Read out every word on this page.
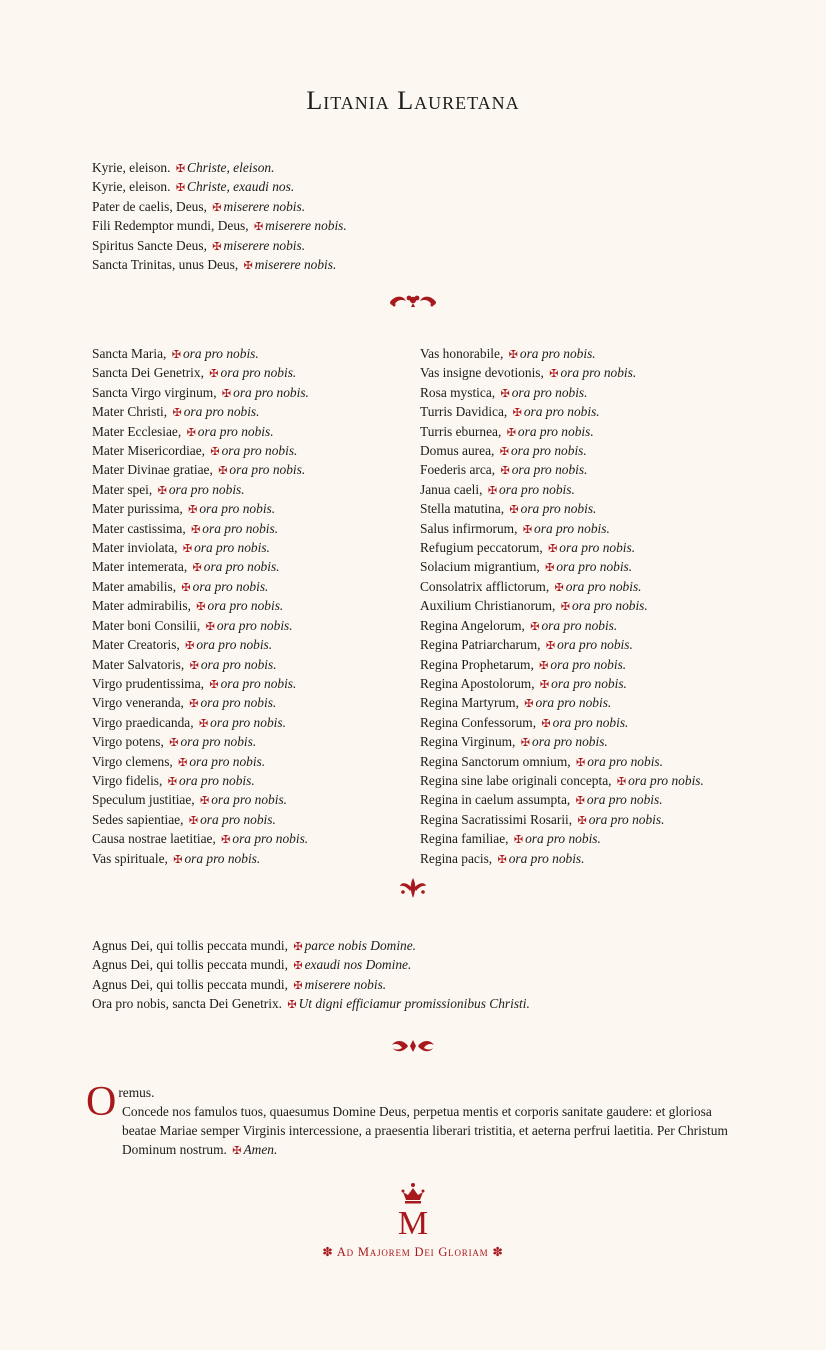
Litania Lauretana
Kyrie, eleison. ✠ Christe, eleison.
Kyrie, eleison. ✠ Christe, exaudi nos.
Pater de caelis, Deus, ✠ miserere nobis.
Fili Redemptor mundi, Deus, ✠ miserere nobis.
Spiritus Sancte Deus, ✠ miserere nobis.
Sancta Trinitas, unus Deus, ✠ miserere nobis.
Sancta Maria, ✠ ora pro nobis.
Sancta Dei Genetrix, ✠ ora pro nobis.
Sancta Virgo virginum, ✠ ora pro nobis.
Mater Christi, ✠ ora pro nobis.
Mater Ecclesiae, ✠ ora pro nobis.
Mater Misericordiae, ✠ ora pro nobis.
Mater Divinae gratiae, ✠ ora pro nobis.
Mater spei, ✠ ora pro nobis.
Mater purissima, ✠ ora pro nobis.
Mater castissima, ✠ ora pro nobis.
Mater inviolata, ✠ ora pro nobis.
Mater intemerata, ✠ ora pro nobis.
Mater amabilis, ✠ ora pro nobis.
Mater admirabilis, ✠ ora pro nobis.
Mater boni Consilii, ✠ ora pro nobis.
Mater Creatoris, ✠ ora pro nobis.
Mater Salvatoris, ✠ ora pro nobis.
Virgo prudentissima, ✠ ora pro nobis.
Virgo veneranda, ✠ ora pro nobis.
Virgo praedicanda, ✠ ora pro nobis.
Virgo potens, ✠ ora pro nobis.
Virgo clemens, ✠ ora pro nobis.
Virgo fidelis, ✠ ora pro nobis.
Speculum justitiae, ✠ ora pro nobis.
Sedes sapientiae, ✠ ora pro nobis.
Causa nostrae laetitiae, ✠ ora pro nobis.
Vas spirituale, ✠ ora pro nobis.
Vas honorabile, ✠ ora pro nobis.
Vas insigne devotionis, ✠ ora pro nobis.
Rosa mystica, ✠ ora pro nobis.
Turris Davidica, ✠ ora pro nobis.
Turris eburnea, ✠ ora pro nobis.
Domus aurea, ✠ ora pro nobis.
Foederis arca, ✠ ora pro nobis.
Janua caeli, ✠ ora pro nobis.
Stella matutina, ✠ ora pro nobis.
Salus infirmorum, ✠ ora pro nobis.
Refugium peccatorum, ✠ ora pro nobis.
Solacium migrantium, ✠ ora pro nobis.
Consolatrix afflictorum, ✠ ora pro nobis.
Auxilium Christianorum, ✠ ora pro nobis.
Regina Angelorum, ✠ ora pro nobis.
Regina Patriarcharum, ✠ ora pro nobis.
Regina Prophetarum, ✠ ora pro nobis.
Regina Apostolorum, ✠ ora pro nobis.
Regina Martyrum, ✠ ora pro nobis.
Regina Confessorum, ✠ ora pro nobis.
Regina Virginum, ✠ ora pro nobis.
Regina Sanctorum omnium, ✠ ora pro nobis.
Regina sine labe originali concepta, ✠ ora pro nobis.
Regina in caelum assumpta, ✠ ora pro nobis.
Regina Sacratissimi Rosarii, ✠ ora pro nobis.
Regina familiae, ✠ ora pro nobis.
Regina pacis, ✠ ora pro nobis.
Agnus Dei, qui tollis peccata mundi, ✠ parce nobis Domine.
Agnus Dei, qui tollis peccata mundi, ✠ exaudi nos Domine.
Agnus Dei, qui tollis peccata mundi, ✠ miserere nobis.
Ora pro nobis, sancta Dei Genetrix. ✠ Ut digni efficiamur promissionibus Christi.
O remus.

Concede nos famulos tuos, quaesumus Domine Deus, perpetua mentis et corporis sanitate gaudere: et gloriosa beatae Mariae semper Virginis intercessione, a praesentia liberari tristitia, et aeterna perfrui laetitia. Per Christum Dominum nostrum. ✠ Amen.

M
✽ Ad Majorem Dei Gloriam ✽
